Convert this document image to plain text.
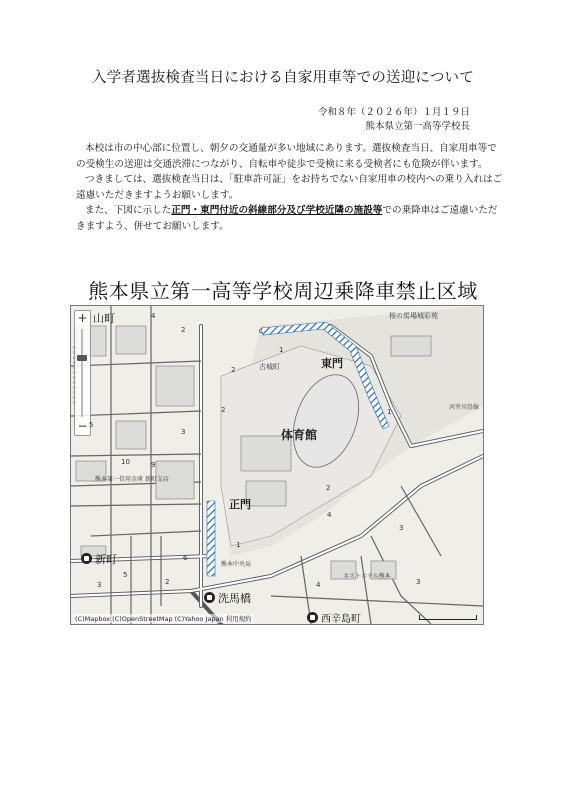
入学者選抜検査当日における自家用車等での送迎について
令和８年（２０２６年）１月１９日
熊本県立第一高等学校長

本校は市の中心部に位置し、朝夕の交通量が多い地域にあります。選抜検査当日、自家用車等での受検生の送迎は交通渋滞につながり、自転車や徒歩で受検に来る受検者にも危険が伴います。

つきましては、選抜検査当日は、「駐車許可証」をお持ちでない自家用車の校内への乗り入れはご遠慮いただきますようお願いします。

また、下図に示した正門・東門付近の斜線部分及び学校近隣の施設等での乗降車はご遠慮いただきますよう、併せてお願いします。

熊本県立第一高等学校周辺乗降車禁止区域
+
−
山町	桜の馬場城彩苑
古城町	東門
体育館
正門
河井川沿線
熊本第一信用金庫 新町支店
熊本中央局
ネストホテル熊本
新町
洗馬橋
西辛島町
4
2
1
2
3
10
5
3	2
1
3
4	3
1
2
4
2
9
6
5
(C)Mapbox (C)OpenStreetMap (C)Yahoo Japan 利用規約
